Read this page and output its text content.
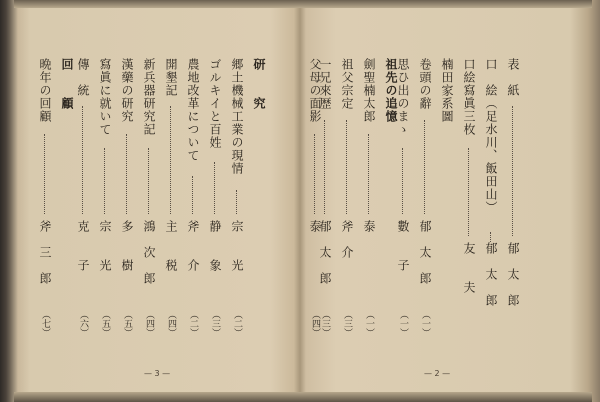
表　紙
郁　太　郎
口　絵（足水川、飯田山）
郁　太　郎
口絵寫眞三枚
友　　夫
楠田家系圖
卷頭の辭
郁　太　郎
（一）
思ひ出のまゝ
數　　子
（一）
祖先の追憶
劍聖楠太郎
泰
（一）
祖父宗定
斧　介
（三）
一兄來歴
郁　太　郎
（三）
父母の面影
泰
（四）
— 2 —
研　　究
郷土機械工業の現情
宗　　光
（二）
ゴルキイと百姓
静　　象
（三）
農地改革について
斧　　介
（二）
開墾記
主　　税
（四）
新兵器研究記
鴻　次　郎
（四）
漢藥の研究
多　　樹
（五）
寫眞に就いて
宗　　光
（五）
傳　統
克　　子
（六）
回　　顧
晩年の回顧
斧　三　郎
（七）
— 3 —
